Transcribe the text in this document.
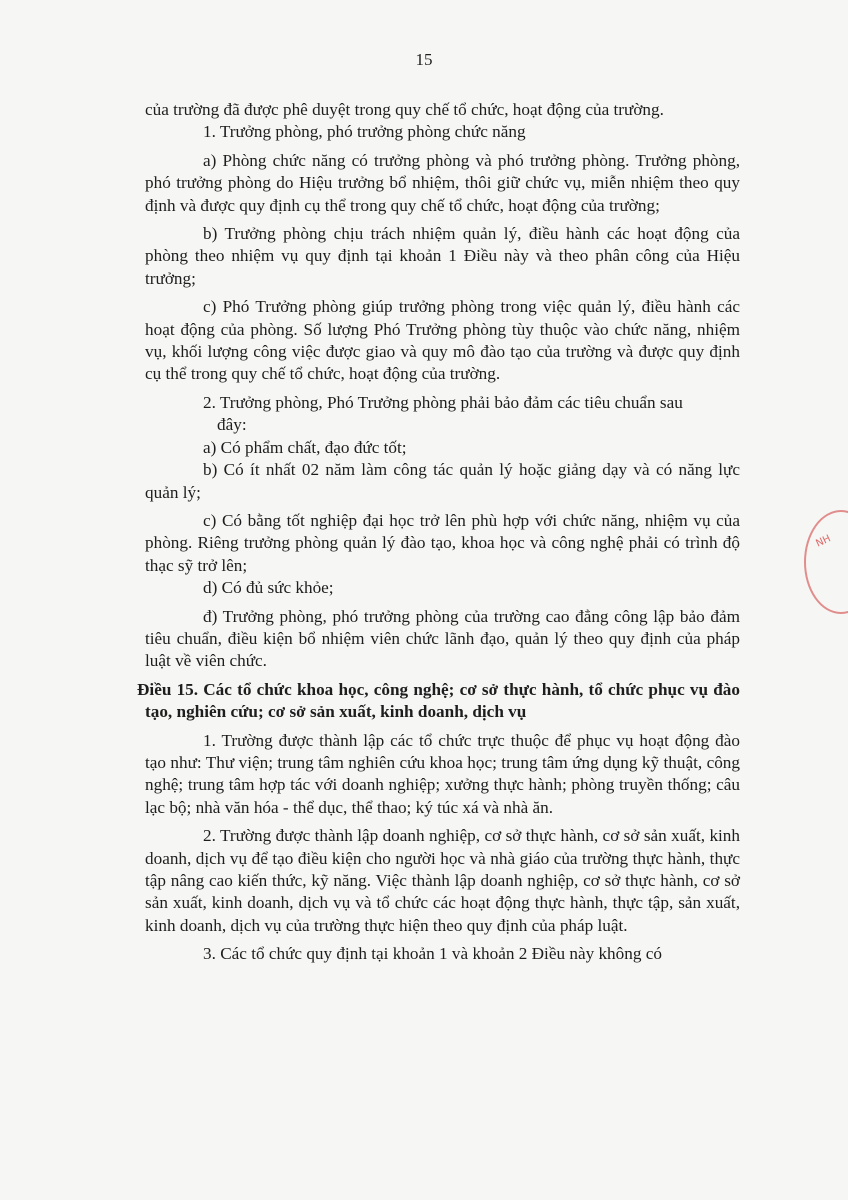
15

của trường đã được phê duyệt trong quy chế tổ chức, hoạt động của trường.

1. Trưởng phòng, phó trưởng phòng chức năng

a) Phòng chức năng có trưởng phòng và phó trưởng phòng. Trưởng phòng, phó trưởng phòng do Hiệu trưởng bổ nhiệm, thôi giữ chức vụ, miễn nhiệm theo quy định và được quy định cụ thể trong quy chế tổ chức, hoạt động của trường;

b) Trưởng phòng chịu trách nhiệm quản lý, điều hành các hoạt động của phòng theo nhiệm vụ quy định tại khoản 1 Điều này và theo phân công của Hiệu trưởng;

c) Phó Trưởng phòng giúp trưởng phòng trong việc quản lý, điều hành các hoạt động của phòng. Số lượng Phó Trưởng phòng tùy thuộc vào chức năng, nhiệm vụ, khối lượng công việc được giao và quy mô đào tạo của trường và được quy định cụ thể trong quy chế tổ chức, hoạt động của trường.

2. Trưởng phòng, Phó Trưởng phòng phải bảo đảm các tiêu chuẩn sau

đây:

a) Có phẩm chất, đạo đức tốt;

b) Có ít nhất 02 năm làm công tác quản lý hoặc giảng dạy và có năng lực quản lý;

c) Có bằng tốt nghiệp đại học trở lên phù hợp với chức năng, nhiệm vụ của phòng. Riêng trưởng phòng quản lý đào tạo, khoa học và công nghệ phải có trình độ thạc sỹ trở lên;

d) Có đủ sức khỏe;

đ) Trưởng phòng, phó trưởng phòng của trường cao đẳng công lập bảo đảm tiêu chuẩn, điều kiện bổ nhiệm viên chức lãnh đạo, quản lý theo quy định của pháp luật về viên chức.

Điều 15. Các tổ chức khoa học, công nghệ; cơ sở thực hành, tổ chức phục vụ đào tạo, nghiên cứu; cơ sở sản xuất, kinh doanh, dịch vụ

1. Trường được thành lập các tổ chức trực thuộc để phục vụ hoạt động đào tạo như: Thư viện; trung tâm nghiên cứu khoa học; trung tâm ứng dụng kỹ thuật, công nghệ; trung tâm hợp tác với doanh nghiệp; xưởng thực hành; phòng truyền thống; câu lạc bộ; nhà văn hóa - thể dục, thể thao; ký túc xá và nhà ăn.

2. Trường được thành lập doanh nghiệp, cơ sở thực hành, cơ sở sản xuất, kinh doanh, dịch vụ để tạo điều kiện cho người học và nhà giáo của trường thực hành, thực tập nâng cao kiến thức, kỹ năng. Việc thành lập doanh nghiệp, cơ sở thực hành, cơ sở sản xuất, kinh doanh, dịch vụ và tổ chức các hoạt động thực hành, thực tập, sản xuất, kinh doanh, dịch vụ của trường thực hiện theo quy định của pháp luật.

3. Các tổ chức quy định tại khoản 1 và khoản 2 Điều này không có

NH
